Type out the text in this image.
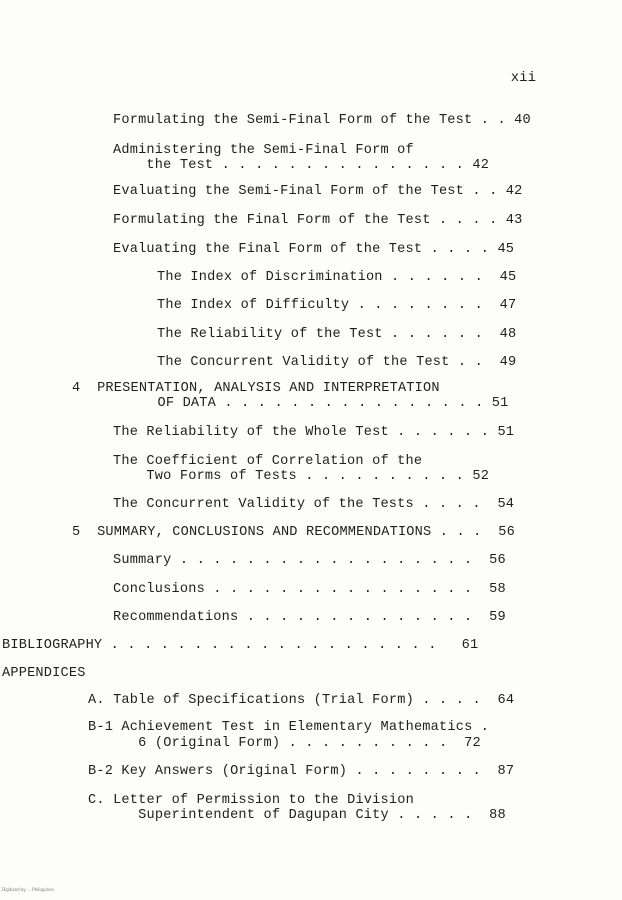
xii
Formulating the Semi-Final Form of the Test . . 40
Administering the Semi-Final Form of
the Test . . . . . . . . . . . . . . . 42
Evaluating the Semi-Final Form of the Test . . 42
Formulating the Final Form of the Test . . . . 43
Evaluating the Final Form of the Test . . . . 45
The Index of Discrimination . . . . . .  45
The Index of Difficulty . . . . . . . .  47
The Reliability of the Test . . . . . .  48
The Concurrent Validity of the Test . .  49
4  PRESENTATION, ANALYSIS AND INTERPRETATION
OF DATA . . . . . . . . . . . . . . . . 51
The Reliability of the Whole Test . . . . . . 51
The Coefficient of Correlation of the
Two Forms of Tests . . . . . . . . . . 52
The Concurrent Validity of the Tests . . . .  54
5  SUMMARY, CONCLUSIONS AND RECOMMENDATIONS . . .  56
Summary . . . . . . . . . . . . . . . . . .  56
Conclusions . . . . . . . . . . . . . . . .  58
Recommendations . . . . . . . . . . . . . .  59
BIBLIOGRAPHY . . . . . . . . . . . . . . . . . . . .   61
APPENDICES
A. Table of Specifications (Trial Form) . . . .  64
B-1 Achievement Test in Elementary Mathematics .
6 (Original Form) . . . . . . . . . .  72
B-2 Key Answers (Original Form) . . . . . . . .  87
C. Letter of Permission to the Division
Superintendent of Dagupan City . . . . .  88
Digitized by ... Philippines
